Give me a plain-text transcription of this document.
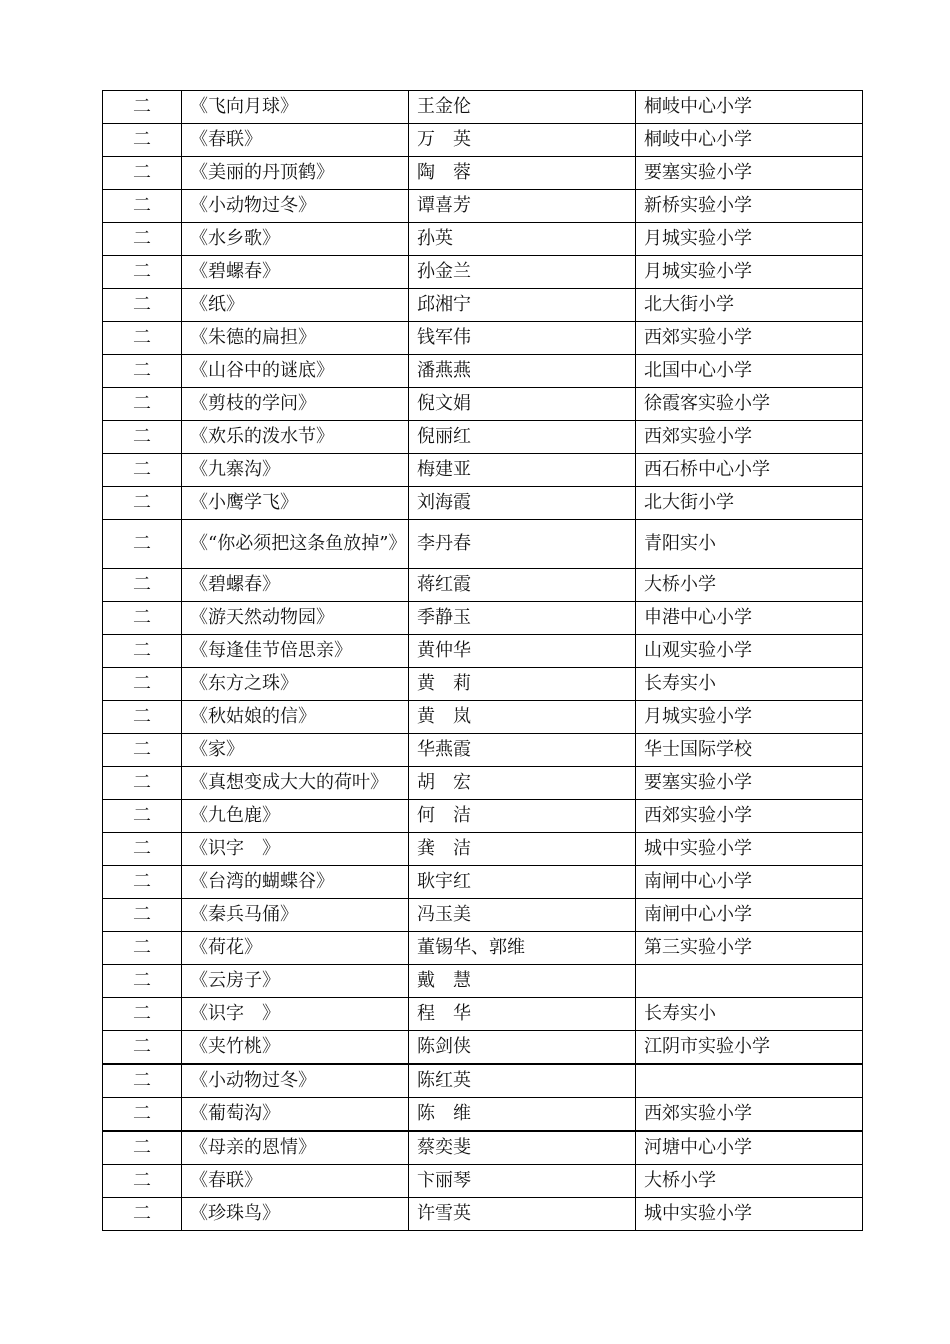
二	《飞向月球》	王金伦	桐岐中心小学
二	《春联》	万　英	桐岐中心小学
二	《美丽的丹顶鹤》	陶　蓉	要塞实验小学
二	《小动物过冬》	谭喜芳	新桥实验小学
二	《水乡歌》	孙英	月城实验小学
二	《碧螺春》	孙金兰	月城实验小学
二	《纸》	邱湘宁	北大街小学
二	《朱德的扁担》	钱军伟	西郊实验小学
二	《山谷中的谜底》	潘燕燕	北国中心小学
二	《剪枝的学问》	倪文娟	徐霞客实验小学
二	《欢乐的泼水节》	倪丽红	西郊实验小学
二	《九寨沟》	梅建亚	西石桥中心小学
二	《小鹰学飞》	刘海霞	北大街小学
二	《“你必须把这条鱼放掉”》	李丹春	青阳实小
二	《碧螺春》	蒋红霞	大桥小学
二	《游天然动物园》	季静玉	申港中心小学
二	《每逢佳节倍思亲》	黄仲华	山观实验小学
二	《东方之珠》	黄　莉	长寿实小
二	《秋姑娘的信》	黄　岚	月城实验小学
二	《家》	华燕霞	华士国际学校
二	《真想变成大大的荷叶》	胡　宏	要塞实验小学
二	《九色鹿》	何　洁	西郊实验小学
二	《识字　》	龚　洁	城中实验小学
二	《台湾的蝴蝶谷》	耿宇红	南闸中心小学
二	《秦兵马俑》	冯玉美	南闸中心小学
二	《荷花》	董锡华、郭维	第三实验小学
二	《云房子》	戴　慧	
二	《识字　》	程　华	长寿实小
二	《夹竹桃》	陈剑侠	江阴市实验小学
二	《小动物过冬》	陈红英	
二	《葡萄沟》	陈　维	西郊实验小学
二	《母亲的恩情》	蔡奕斐	河塘中心小学
二	《春联》	卞丽琴	大桥小学
二	《珍珠鸟》	许雪英	城中实验小学
